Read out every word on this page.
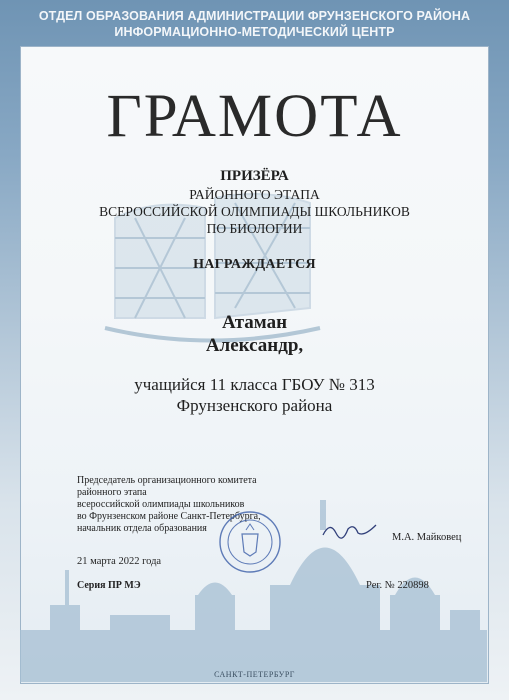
ОТДЕЛ ОБРАЗОВАНИЯ АДМИНИСТРАЦИИ ФРУНЗЕНСКОГО РАЙОНА
ИНФОРМАЦИОННО-МЕТОДИЧЕСКИЙ ЦЕНТР
ГРАМОТА
ПРИЗЁРА
РАЙОННОГО ЭТАПА
ВСЕРОССИЙСКОЙ ОЛИМПИАДЫ ШКОЛЬНИКОВ
ПО БИОЛОГИИ
НАГРАЖДАЕТСЯ
Атаман
Александр,
учащийся 11 класса ГБОУ № 313
Фрунзенского района
Председатель организационного комитета
районного этапа
всероссийской олимпиады школьников
во Фрунзенском районе Санкт-Петербурга,
начальник отдела образования
М.А. Майковец
21 марта 2022 года
Серия ПР МЭ	Рег. № 220898
САНКТ-ПЕТЕРБУРГ
